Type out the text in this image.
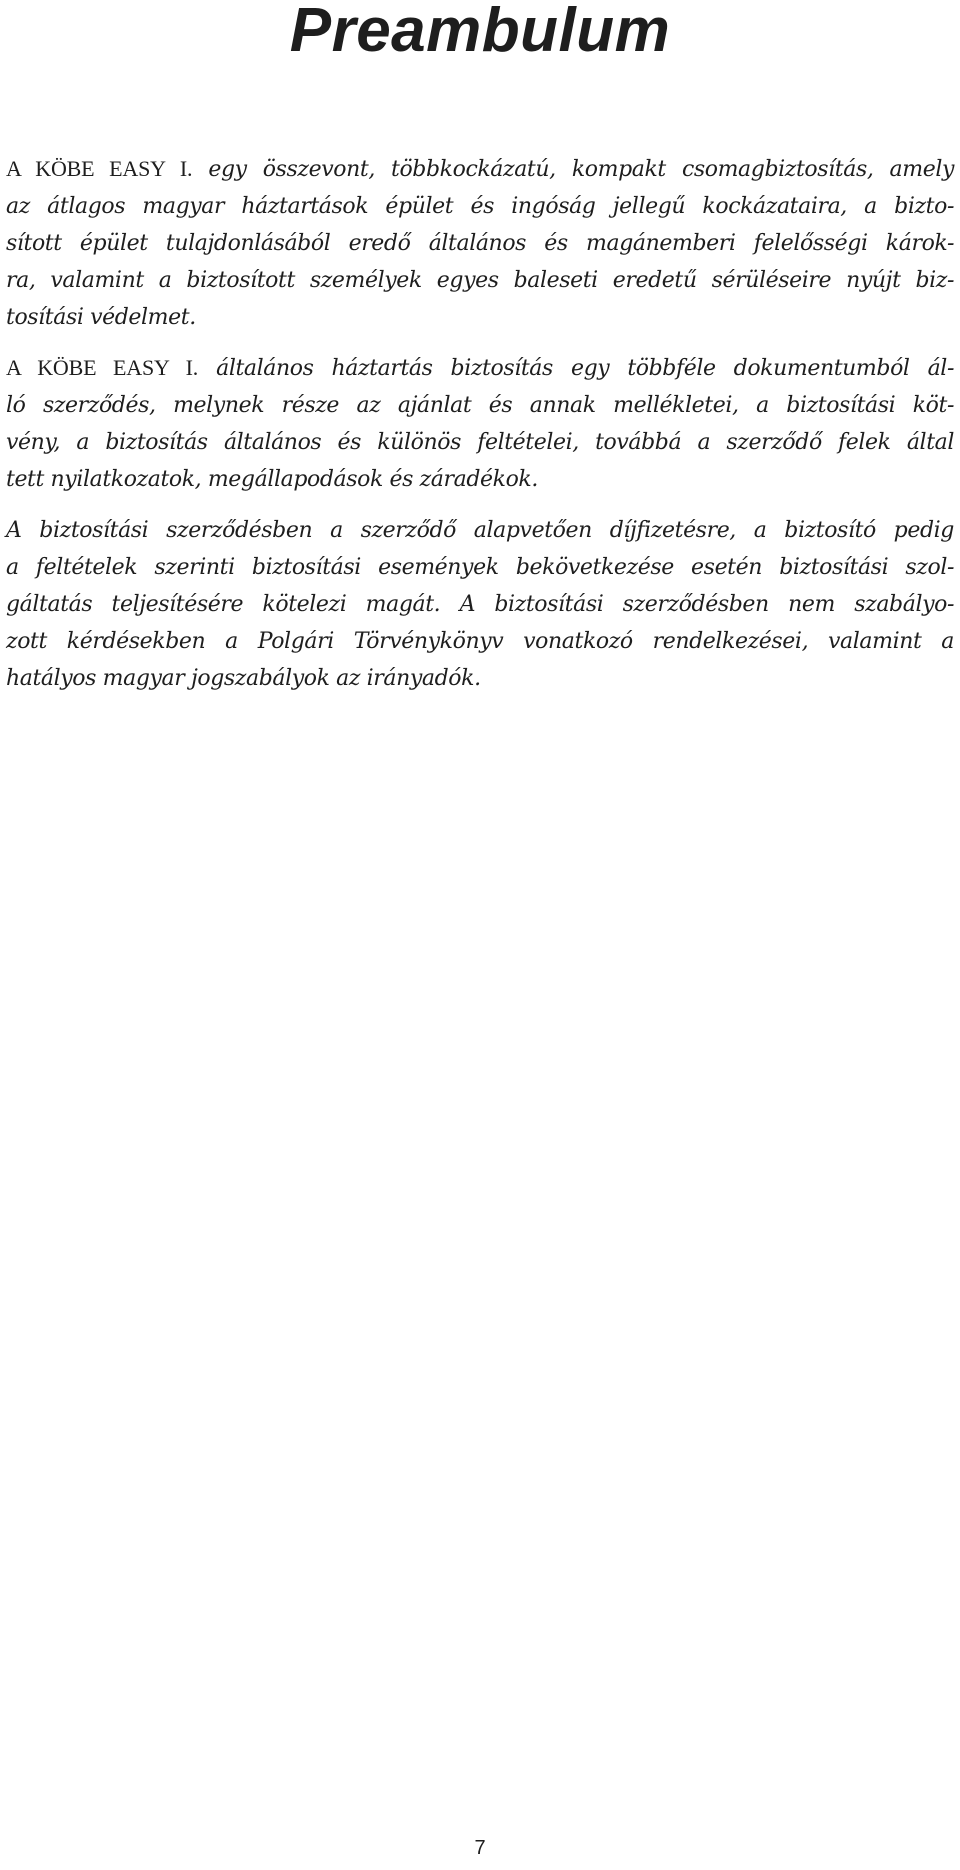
Preambulum
A KÖBE EASY I. egy összevont, többkockázatú, kompakt csomagbiztosítás, amely
az átlagos magyar háztartások épület és ingóság jellegű kockázataira, a bizto-
sított épület tulajdonlásából eredő általános és magánemberi felelősségi károk-
ra, valamint a biztosított személyek egyes baleseti eredetű sérüléseire nyújt biz-
tosítási védelmet.
A KÖBE EASY I. általános háztartás biztosítás egy többféle dokumentumból ál-
ló szerződés, melynek része az ajánlat és annak mellékletei, a biztosítási köt-
vény, a biztosítás általános és különös feltételei, továbbá a szerződő felek által
tett nyilatkozatok, megállapodások és záradékok.
A biztosítási szerződésben a szerződő alapvetően díjfizetésre, a biztosító pedig
a feltételek szerinti biztosítási események bekövetkezése esetén biztosítási szol-
gáltatás teljesítésére kötelezi magát. A biztosítási szerződésben nem szabályo-
zott kérdésekben a Polgári Törvénykönyv vonatkozó rendelkezései, valamint a
hatályos magyar jogszabályok az irányadók.
7
